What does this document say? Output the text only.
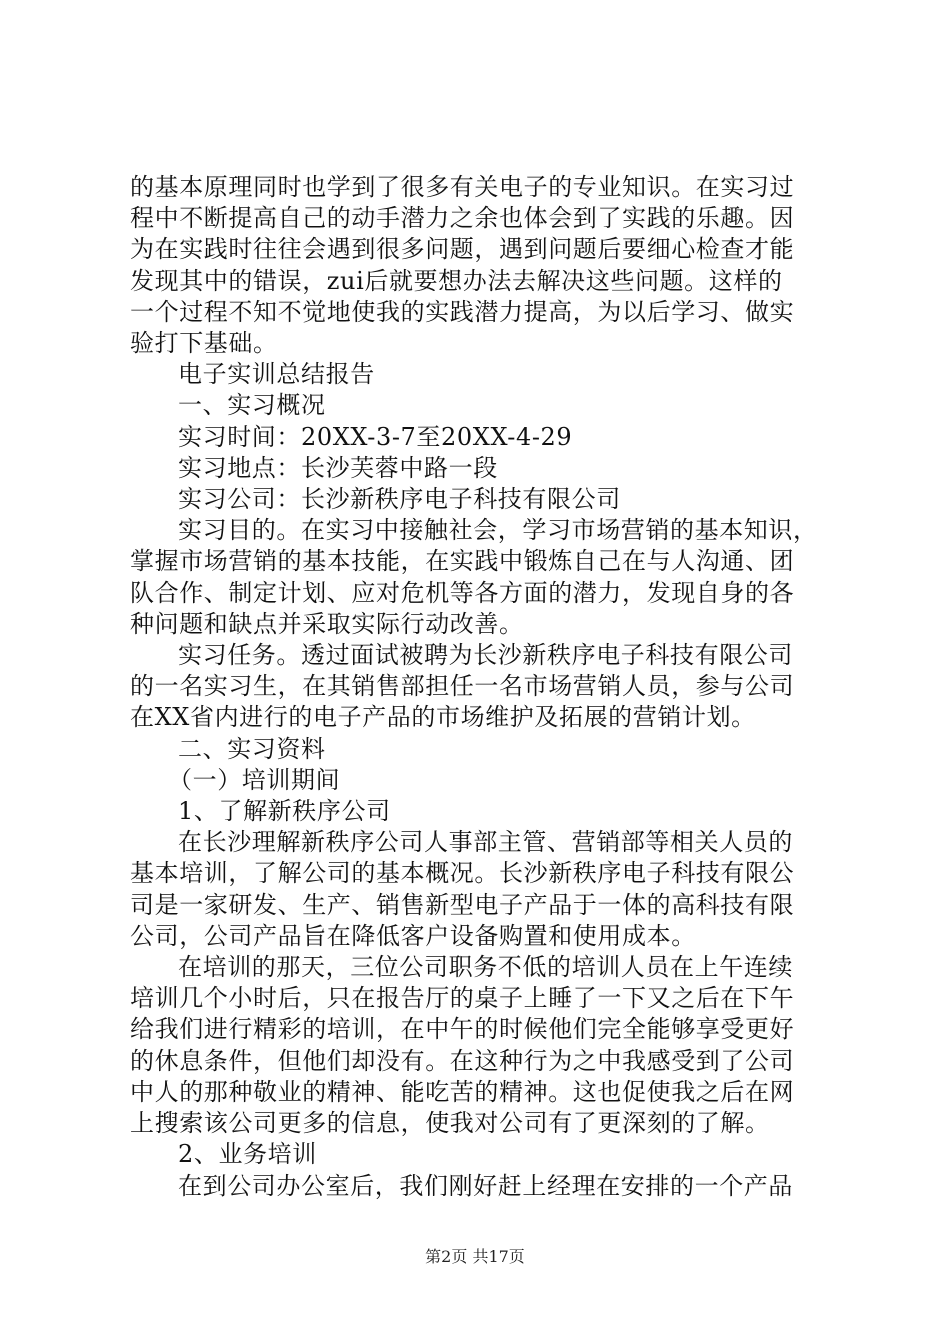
的基本原理同时也学到了很多有关电子的专业知识。在实习过

程中不断提高自己的动手潜力之余也体会到了实践的乐趣。因

为在实践时往往会遇到很多问题，遇到问题后要细心检查才能

发现其中的错误，zui后就要想办法去解决这些问题。这样的

一个过程不知不觉地使我的实践潜力提高，为以后学习、做实

验打下基础。

电子实训总结报告

一、实习概况

实习时间：20XX-3-7至20XX-4-29

实习地点：长沙芙蓉中路一段

实习公司：长沙新秩序电子科技有限公司

实习目的。在实习中接触社会，学习市场营销的基本知识，

掌握市场营销的基本技能，在实践中锻炼自己在与人沟通、团

队合作、制定计划、应对危机等各方面的潜力，发现自身的各

种问题和缺点并采取实际行动改善。

实习任务。透过面试被聘为长沙新秩序电子科技有限公司

的一名实习生，在其销售部担任一名市场营销人员，参与公司

在XX省内进行的电子产品的市场维护及拓展的营销计划。

二、实习资料

（一）培训期间

1、了解新秩序公司

在长沙理解新秩序公司人事部主管、营销部等相关人员的

基本培训，了解公司的基本概况。长沙新秩序电子科技有限公

司是一家研发、生产、销售新型电子产品于一体的高科技有限

公司，公司产品旨在降低客户设备购置和使用成本。

在培训的那天，三位公司职务不低的培训人员在上午连续

培训几个小时后，只在报告厅的桌子上睡了一下又之后在下午

给我们进行精彩的培训，在中午的时候他们完全能够享受更好

的休息条件，但他们却没有。在这种行为之中我感受到了公司

中人的那种敬业的精神、能吃苦的精神。这也促使我之后在网

上搜索该公司更多的信息，使我对公司有了更深刻的了解。

2、业务培训

在到公司办公室后，我们刚好赶上经理在安排的一个产品

第2页 共17页
